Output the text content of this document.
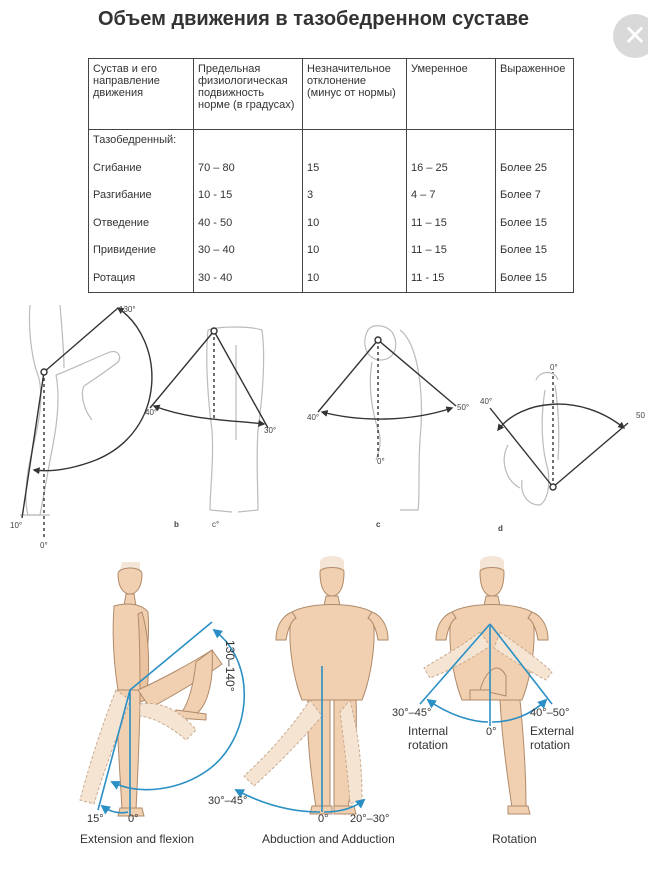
Объем движения в тазобедренном суставе
✕
Сустав и его направление движения	Предельная физиологическая подвижность норме (в градусах)	Незначительное отклонение (минус от нормы)	Умеренное	Выраженное
Тазобедренный:				
Сгибание	70 – 80	15	16 – 25	Более 25
Разгибание	10 - 15	3	4 – 7	Более 7
Отведение	40 - 50	10	11 – 15	Более 15
Привидение	30 – 40	10	11 – 15	Более 15
Ротация	30 - 40	10	11 - 15	Более 15
130°
10°
0°
40°
30°
b	c°
40°
50°
0°
c
40°
50
0°
d
130–140°
15° 0°
Extension and flexion
30°–45°
0° 20°–30°
Abduction and Adduction
30°–45°	40°–50°
Internal
rotation
0°	External
rotation
Rotation
